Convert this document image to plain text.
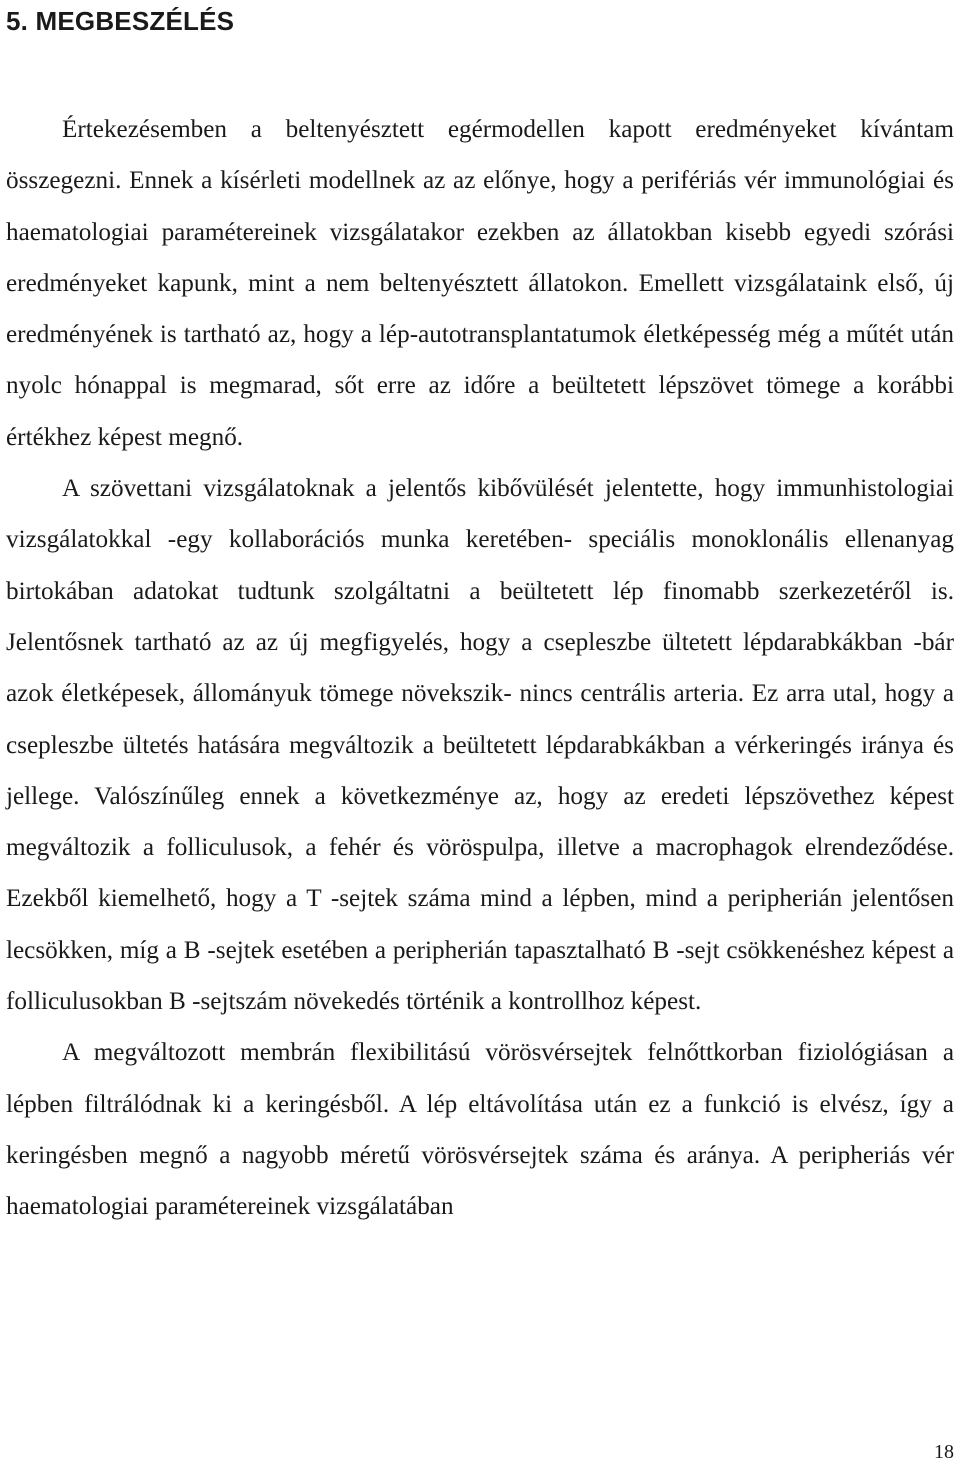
5. MEGBESZÉLÉS

Értekezésemben a beltenyésztett egérmodellen kapott eredményeket kívántam összegezni. Ennek a kísérleti modellnek az az előnye, hogy a perifériás vér immunológiai és haematologiai paramétereinek vizsgálatakor ezekben az állatokban kisebb egyedi szórási eredményeket kapunk, mint a nem beltenyésztett állatokon. Emellett vizsgálataink első, új eredményének is tartható az, hogy a lép-autotransplantatumok életképesség még a műtét után nyolc hónappal is megmarad, sőt erre az időre a beültetett lépszövet tömege a korábbi értékhez képest megnő.

A szövettani vizsgálatoknak a jelentős kibővülését jelentette, hogy immunhistologiai vizsgálatokkal -egy kollaborációs munka keretében- speciális monoklonális ellenanyag birtokában adatokat tudtunk szolgáltatni a beültetett lép finomabb szerkezetéről is. Jelentősnek tartható az az új megfigyelés, hogy a csepleszbe ültetett lépdarabkákban -bár azok életképesek, állományuk tömege növekszik- nincs centrális arteria. Ez arra utal, hogy a csepleszbe ültetés hatására megváltozik a beültetett lépdarabkákban a vérkeringés iránya és jellege. Valószínűleg ennek a következménye az, hogy az eredeti lépszövethez képest megváltozik a folliculusok, a fehér és vöröspulpa, illetve a macrophagok elrendeződése. Ezekből kiemelhető, hogy a T -sejtek száma mind a lépben, mind a peripherián jelentősen lecsökken, míg a B -sejtek esetében a peripherián tapasztalható B -sejt csökkenéshez képest a folliculusokban B -sejtszám növekedés történik a kontrollhoz képest.

A megváltozott membrán flexibilitású vörösvérsejtek felnőttkorban fiziológiásan a lépben filtrálódnak ki a keringésből. A lép eltávolítása után ez a funkció is elvész, így a keringésben megnő a nagyobb méretű vörösvérsejtek száma és aránya. A peripheriás vér haematologiai paramétereinek vizsgálatában

18
